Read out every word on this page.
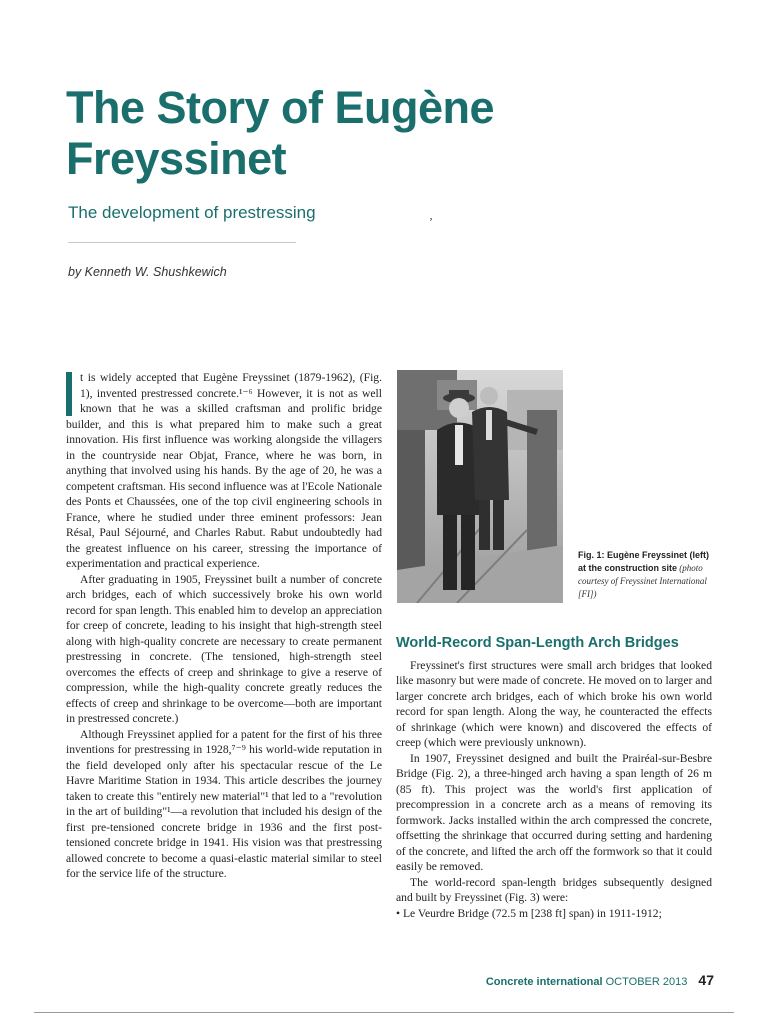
The Story of Eugène Freyssinet
The development of prestressing	ʼ
by Kenneth W. Shushkewich

t is widely accepted that Eugène Freyssinet (1879-1962), (Fig. 1), invented prestressed concrete.¹⁻⁶ However, it is not as well known that he was a skilled craftsman and prolific bridge builder, and this is what prepared him to make such a great innovation. His first influence was working alongside the villagers in the countryside near Objat, France, where he was born, in anything that involved using his hands. By the age of 20, he was a competent craftsman. His second influence was at l'Ecole Nationale des Ponts et Chaussées, one of the top civil engineering schools in France, where he studied under three eminent professors: Jean Résal, Paul Séjourné, and Charles Rabut. Rabut undoubtedly had the greatest influence on his career, stressing the importance of experimentation and practical experience.

After graduating in 1905, Freyssinet built a number of concrete arch bridges, each of which successively broke his own world record for span length. This enabled him to develop an appreciation for creep of concrete, leading to his insight that high-strength steel along with high-quality concrete are necessary to create permanent prestressing in concrete. (The tensioned, high-strength steel overcomes the effects of creep and shrinkage to give a reserve of compression, while the high-quality concrete greatly reduces the effects of creep and shrinkage to be overcome—both are important in prestressed concrete.)

Although Freyssinet applied for a patent for the first of his three inventions for prestressing in 1928,⁷⁻⁹ his world-wide reputation in the field developed only after his spectacular rescue of the Le Havre Maritime Station in 1934. This article describes the journey taken to create this "entirely new material"¹ that led to a "revolution in the art of building"¹—a revolution that included his design of the first pre-tensioned concrete bridge in 1936 and the first post-tensioned concrete bridge in 1941. His vision was that prestressing allowed concrete to become a quasi-elastic material similar to steel for the service life of the structure.

Fig. 1: Eugène Freyssinet (left) at the construction site (photo courtesy of Freyssinet International [FI])
World-Record Span-Length Arch Bridges

Freyssinet's first structures were small arch bridges that looked like masonry but were made of concrete. He moved on to larger and larger concrete arch bridges, each of which broke his own world record for span length. Along the way, he counteracted the effects of shrinkage (which were known) and discovered the effects of creep (which were previously unknown).

In 1907, Freyssinet designed and built the Prairéal-sur-Besbre Bridge (Fig. 2), a three-hinged arch having a span length of 26 m (85 ft). This project was the world's first application of precompression in a concrete arch as a means of removing its formwork. Jacks installed within the arch compressed the concrete, offsetting the shrinkage that occurred during setting and hardening of the concrete, and lifted the arch off the formwork so that it could easily be removed.

The world-record span-length bridges subsequently designed and built by Freyssinet (Fig. 3) were:

• Le Veurdre Bridge (72.5 m [238 ft] span) in 1911-1912;

Concrete international OCTOBER 2013 47
